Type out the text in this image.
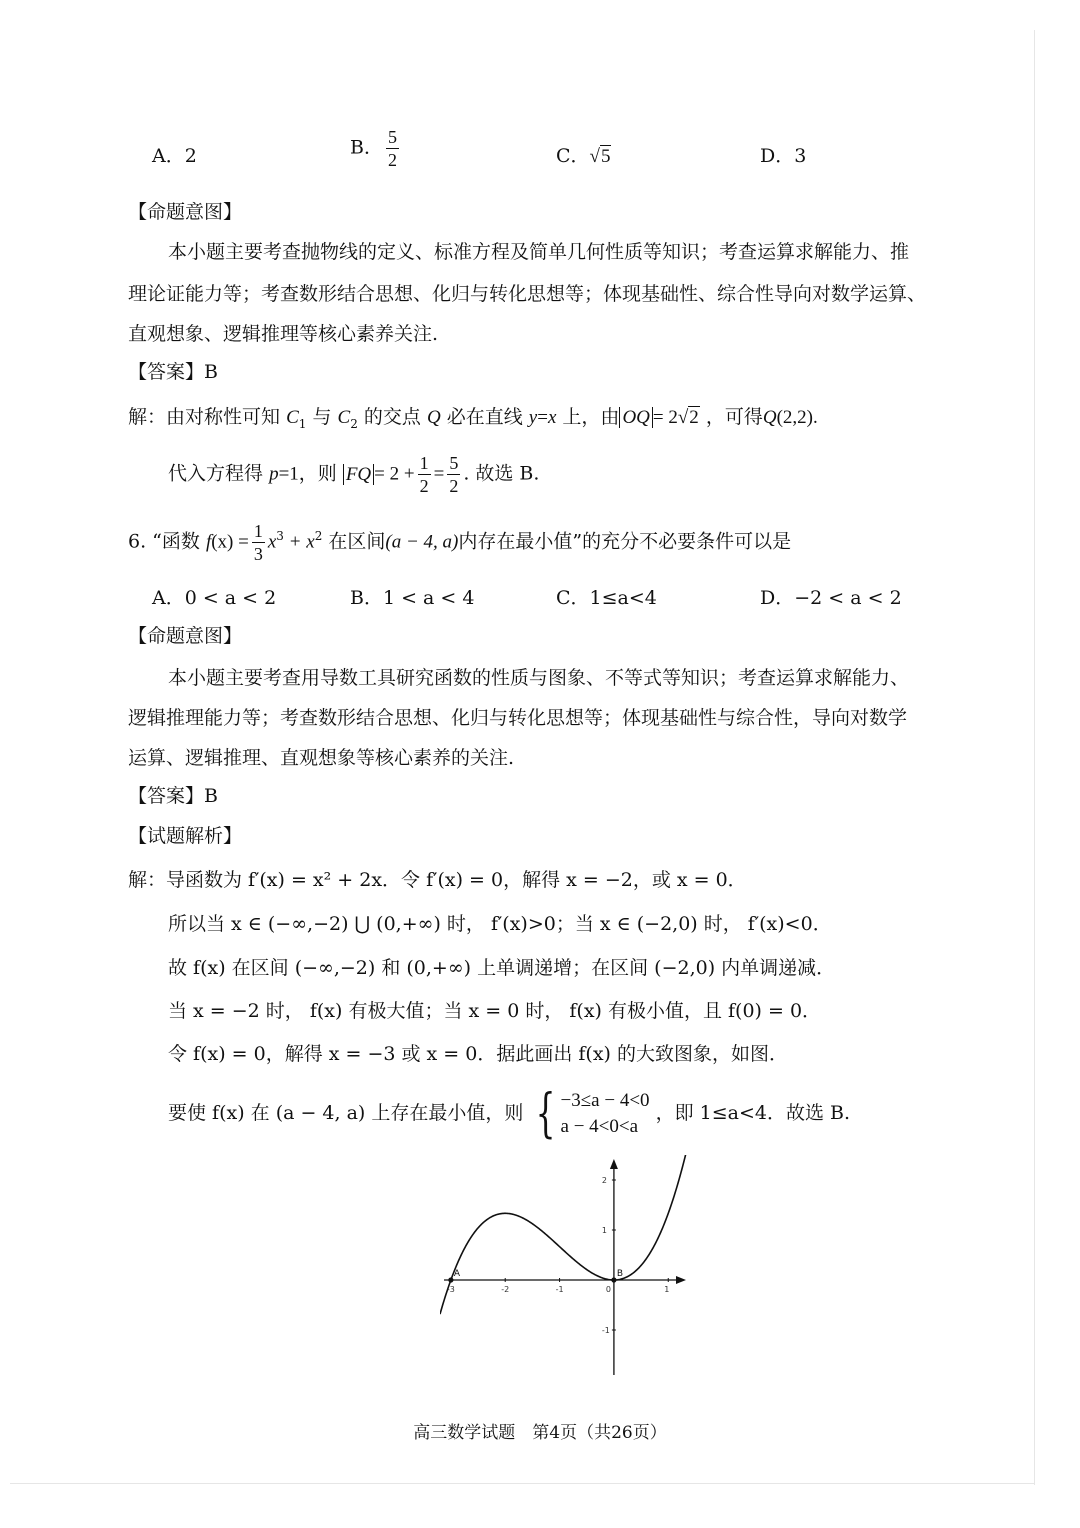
A．2	B． $\frac{5}{2}$	C．√5	D．3
【命题意图】
本小题主要考查抛物线的定义、标准方程及简单几何性质等知识；考查运算求解能力、推
理论证能力等；考查数形结合思想、化归与转化思想等；体现基础性、综合性导向对数学运算、
直观想象、逻辑推理等核心素养关注.
【答案】B
解：由对称性可知 $C_1$ 与 $C_2$ 的交点 Q 必在直线 y=x 上，由 OQ = 2√2 ，可得Q(2,2).
代入方程得 p=1，则 FQ = $2 + \frac{1}{2} = \frac{5}{2}$ . 故选 B.
6. “函数 $f(x) = \frac{1}{3} x^3 + x^2$ 在区间(a − 4, a)内存在最小值”的充分不必要条件可以是
A．0 < a < 2	B．1 < a < 4	C．1≤a<4	D．−2 < a < 2
【命题意图】
本小题主要考查用导数工具研究函数的性质与图象、不等式等知识；考查运算求解能力、
逻辑推理能力等；考查数形结合思想、化归与转化思想等；体现基础性与综合性，导向对数学
运算、逻辑推理、直观想象等核心素养的关注.
【答案】B
【试题解析】
解：导函数为 f′(x) = x² + 2x．令 f′(x) = 0，解得 x = −2，或 x = 0．
所以当 x ∈ (−∞,−2) ⋃ (0,+∞) 时， f′(x)>0；当 x ∈ (−2,0) 时， f′(x)<0．
故 f(x) 在区间 (−∞,−2) 和 (0,+∞) 上单调递增；在区间 (−2,0) 内单调递减．
当 x = −2 时， f(x) 有极大值；当 x = 0 时， f(x) 有极小值，且 f(0) = 0．
令 f(x) = 0，解得 x = −3 或 x = 0．据此画出 f(x) 的大致图象，如图．
要使 f(x) 在 (a − 4, a) 上存在最小值，则 { −3≤a − 4<0
a − 4<0<a
，即 1≤a<4．故选 B.
-3	-2	-1	0	1
2
1
-1
A	B
高三数学试题　第4页（共26页）
